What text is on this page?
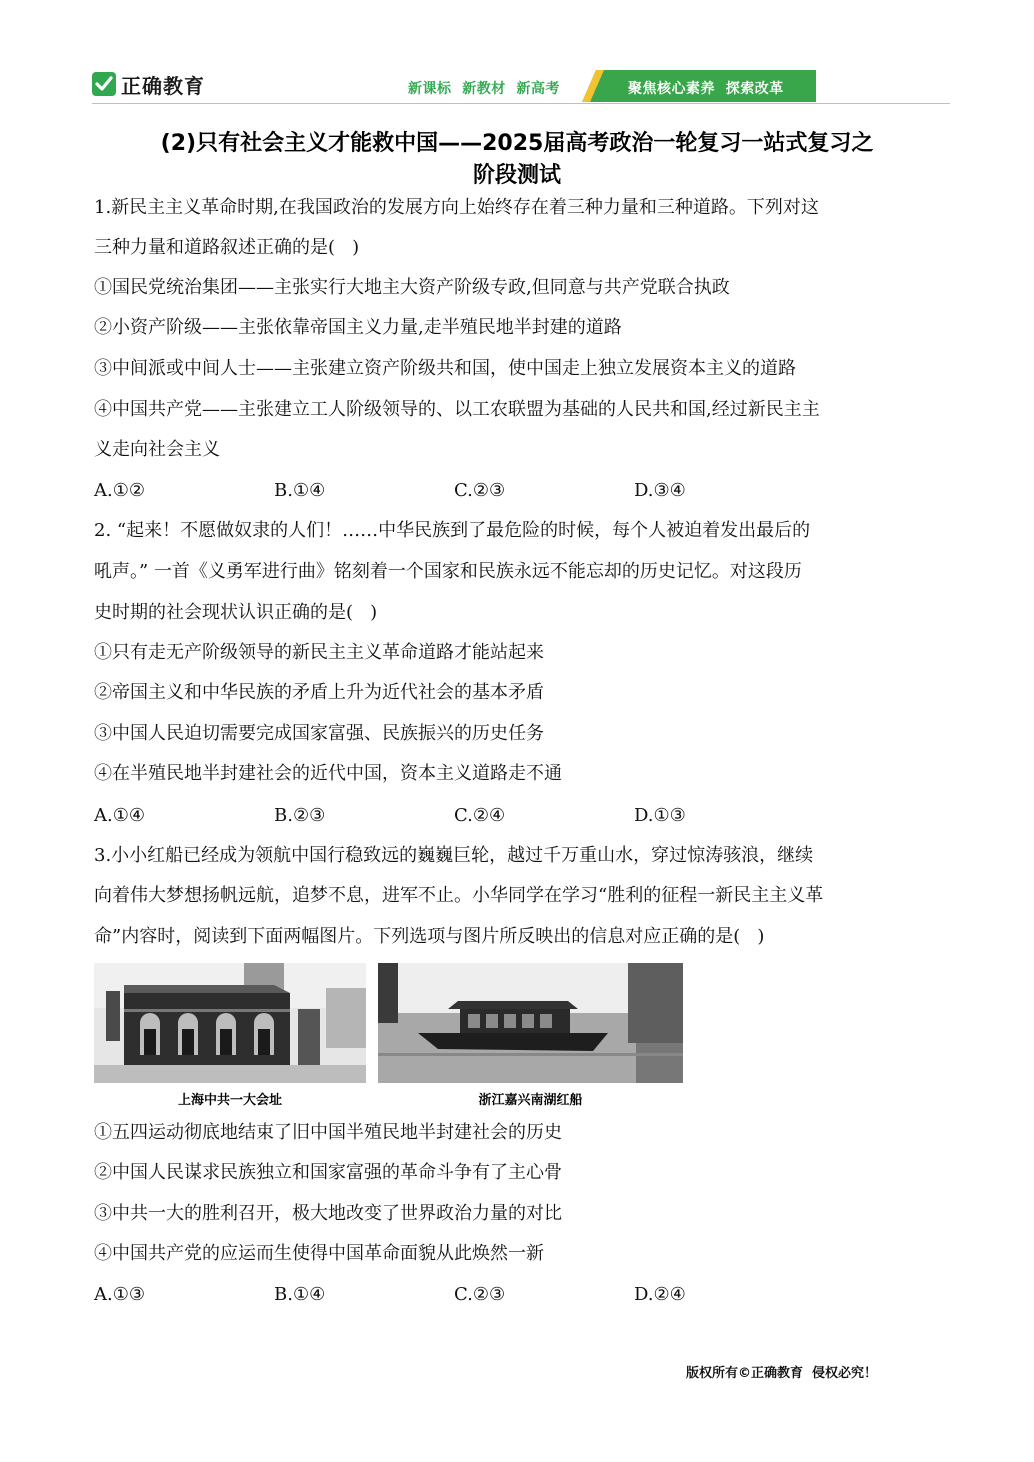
正确教育	新课标  新教材  新高考	聚焦核心素养  探索改革
(2)只有社会主义才能救中国——2025届高考政治一轮复习一站式复习之
阶段测试
1.新民主主义革命时期,在我国政治的发展方向上始终存在着三种力量和三种道路。下列对这
三种力量和道路叙述正确的是(   )
①国民党统治集团——主张实行大地主大资产阶级专政,但同意与共产党联合执政
②小资产阶级——主张依靠帝国主义力量,走半殖民地半封建的道路
③中间派或中间人士——主张建立资产阶级共和国，使中国走上独立发展资本主义的道路
④中国共产党——主张建立工人阶级领导的、以工农联盟为基础的人民共和国,经过新民主主
义走向社会主义
A.①②	B.①④	C.②③	D.③④
2. “起来！不愿做奴隶的人们！……中华民族到了最危险的时候，每个人被迫着发出最后的
吼声。” 一首《义勇军进行曲》铭刻着一个国家和民族永远不能忘却的历史记忆。对这段历
史时期的社会现状认识正确的是(   )
①只有走无产阶级领导的新民主主义革命道路才能站起来
②帝国主义和中华民族的矛盾上升为近代社会的基本矛盾
③中国人民迫切需要完成国家富强、民族振兴的历史任务
④在半殖民地半封建社会的近代中国，资本主义道路走不通
A.①④	B.②③	C.②④	D.①③
3.小小红船已经成为领航中国行稳致远的巍巍巨轮，越过千万重山水，穿过惊涛骇浪，继续
向着伟大梦想扬帆远航，追梦不息，进军不止。小华同学在学习“胜利的征程一新民主主义革
命”内容时，阅读到下面两幅图片。下列选项与图片所反映出的信息对应正确的是(   )
上海中共一大会址	浙江嘉兴南湖红船
①五四运动彻底地结束了旧中国半殖民地半封建社会的历史
②中国人民谋求民族独立和国家富强的革命斗争有了主心骨
③中共一大的胜利召开，极大地改变了世界政治力量的对比
④中国共产党的应运而生使得中国革命面貌从此焕然一新
A.①③	B.①④	C.②③	D.②④
版权所有©正确教育  侵权必究！
